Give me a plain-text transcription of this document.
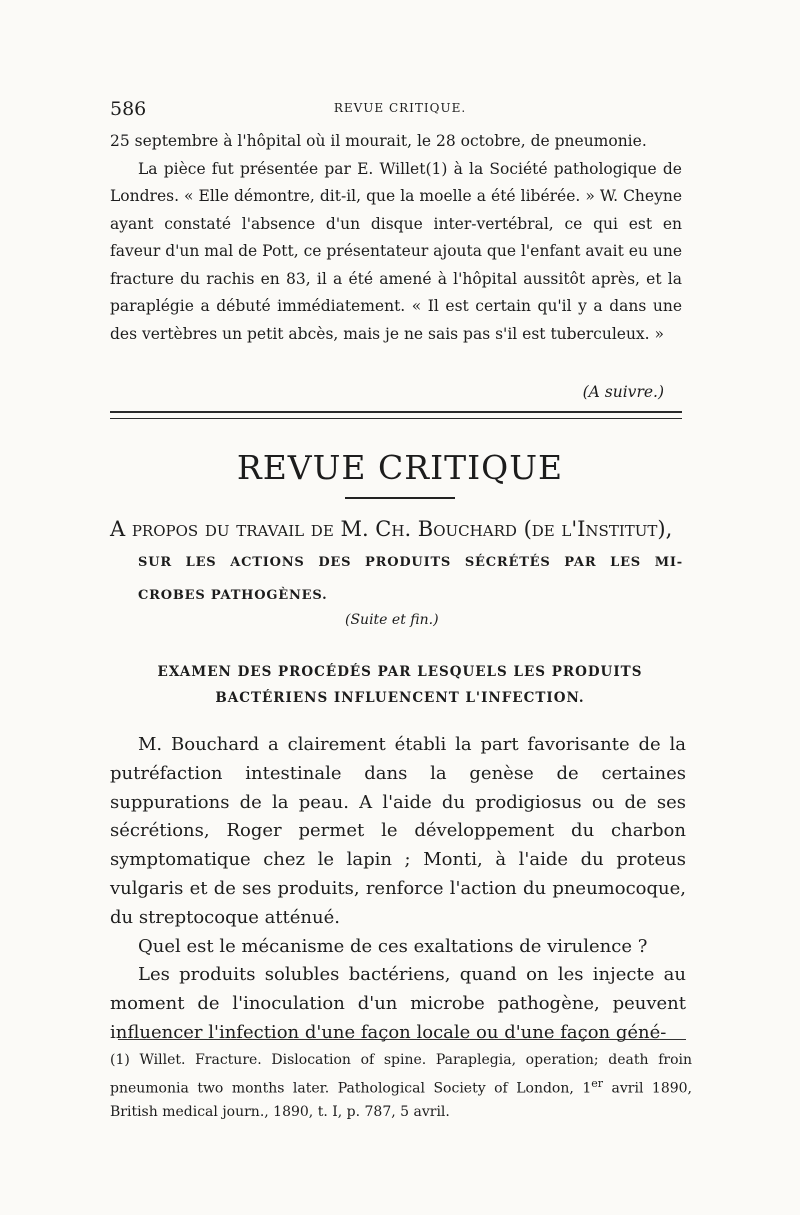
586	REVUE CRITIQUE.

25 septembre à l'hôpital où il mourait, le 28 octobre, de pneumonie.

La pièce fut présentée par E. Willet(1) à la Société pathologique de Londres. « Elle démontre, dit-il, que la moelle a été libérée. » W. Cheyne ayant constaté l'absence d'un disque inter-vertébral, ce qui est en faveur d'un mal de Pott, ce présentateur ajouta que l'enfant avait eu une fracture du rachis en 83, il a été amené à l'hôpital aussitôt après, et la paraplégie a débuté immédiatement. « Il est certain qu'il y a dans une des vertèbres un petit abcès, mais je ne sais pas s'il est tuberculeux. »

(A suivre.)
REVUE CRITIQUE
A propos du travail de M. Ch. Bouchard (de l'Institut),
SUR LES ACTIONS DES PRODUITS SÉCRÉTÉS PAR LES MI-
CROBES PATHOGÈNES.
(Suite et fin.)
EXAMEN DES PROCÉDÉS PAR LESQUELS LES PRODUITS
BACTÉRIENS INFLUENCENT L'INFECTION.

M. Bouchard a clairement établi la part favorisante de la putréfaction intestinale dans la genèse de certaines suppurations de la peau. A l'aide du prodigiosus ou de ses sécrétions, Roger permet le développement du charbon symptomatique chez le lapin ; Monti, à l'aide du proteus vulgaris et de ses produits, renforce l'action du pneumocoque, du streptocoque atténué.

Quel est le mécanisme de ces exaltations de virulence ?

Les produits solubles bactériens, quand on les injecte au moment de l'inoculation d'un microbe pathogène, peuvent influencer l'infection d'une façon locale ou d'une façon géné-

(1) Willet. Fracture. Dislocation of spine. Paraplegia, operation; death froin pneumonia two months later. Pathological Society of London, 1er avril 1890, British medical journ., 1890, t. I, p. 787, 5 avril.
